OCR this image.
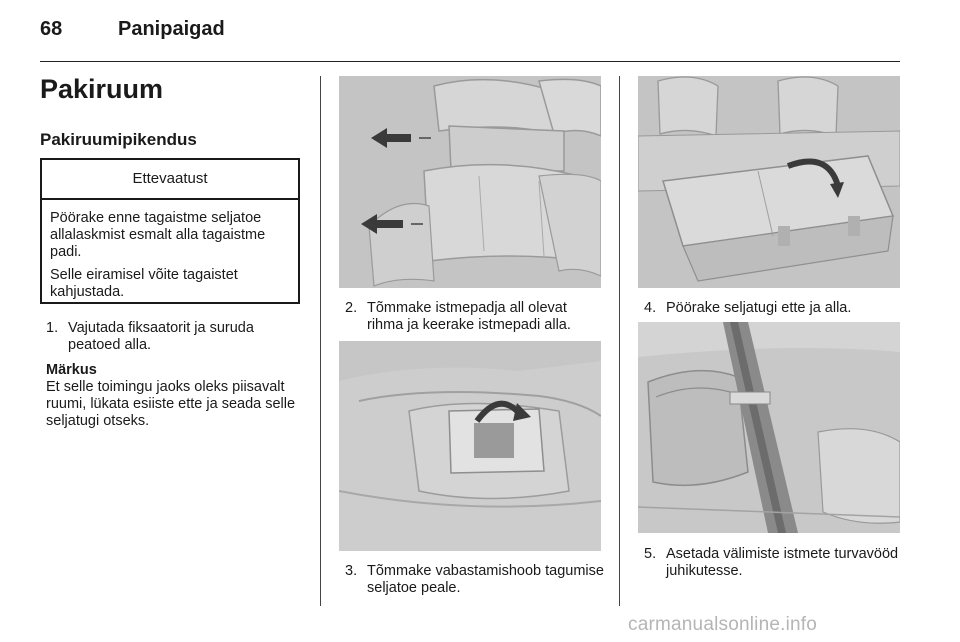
68	Panipaigad
Pakiruum
Pakiruumipikendus
Ettevaatust

Pöörake enne tagaistme seljatoe allalaskmist esmalt alla tagaistme padi.

Selle eiramisel võite tagaistet kahjustada.

1. Vajutada fiksaatorit ja suruda peatoed alla.
Märkus
Et selle toimingu jaoks oleks piisavalt ruumi, lükata esiiste ette ja seada selle seljatugi otseks.
2. Tõmmake istmepadja all olevat rihma ja keerake istmepadi alla.
3. Tõmmake vabastamishoob tagumise seljatoe peale.
4. Pöörake seljatugi ette ja alla.
5. Asetada välimiste istmete turvavööd juhikutesse.
carmanualsonline.info
